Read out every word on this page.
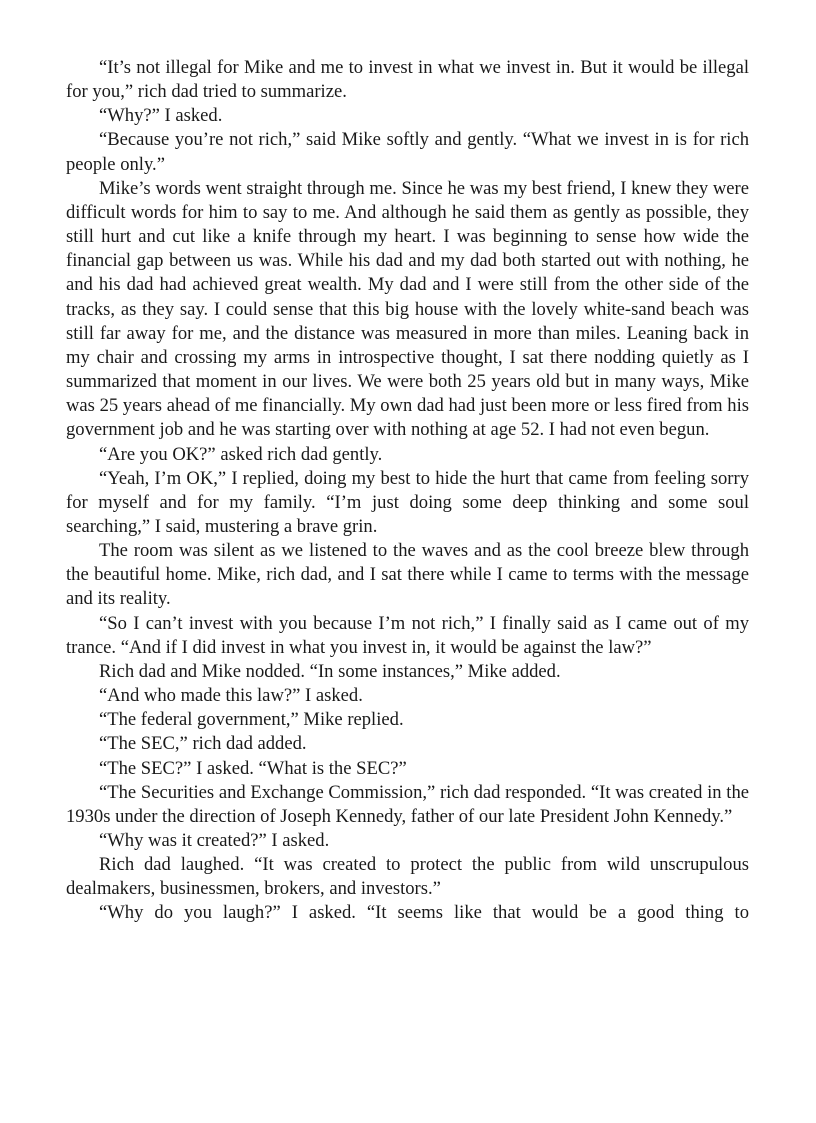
“It’s not illegal for Mike and me to invest in what we invest in. But it would be illegal for you,” rich dad tried to summarize.

“Why?” I asked.

“Because you’re not rich,” said Mike softly and gently. “What we invest in is for rich people only.”

Mike’s words went straight through me. Since he was my best friend, I knew they were difficult words for him to say to me. And although he said them as gently as possible, they still hurt and cut like a knife through my heart. I was beginning to sense how wide the financial gap between us was. While his dad and my dad both started out with nothing, he and his dad had achieved great wealth. My dad and I were still from the other side of the tracks, as they say. I could sense that this big house with the lovely white-sand beach was still far away for me, and the distance was measured in more than miles. Leaning back in my chair and crossing my arms in introspective thought, I sat there nodding quietly as I summarized that moment in our lives. We were both 25 years old but in many ways, Mike was 25 years ahead of me financially. My own dad had just been more or less fired from his government job and he was starting over with nothing at age 52. I had not even begun.

“Are you OK?” asked rich dad gently.

“Yeah, I’m OK,” I replied, doing my best to hide the hurt that came from feeling sorry for myself and for my family. “I’m just doing some deep thinking and some soul searching,” I said, mustering a brave grin.

The room was silent as we listened to the waves and as the cool breeze blew through the beautiful home. Mike, rich dad, and I sat there while I came to terms with the message and its reality.

“So I can’t invest with you because I’m not rich,” I finally said as I came out of my trance. “And if I did invest in what you invest in, it would be against the law?”

Rich dad and Mike nodded. “In some instances,” Mike added.

“And who made this law?” I asked.

“The federal government,” Mike replied.

“The SEC,” rich dad added.

“The SEC?” I asked. “What is the SEC?”

“The Securities and Exchange Commission,” rich dad responded. “It was created in the 1930s under the direction of Joseph Kennedy, father of our late President John Kennedy.”

“Why was it created?” I asked.

Rich dad laughed. “It was created to protect the public from wild unscrupulous dealmakers, businessmen, brokers, and investors.”

“Why do you laugh?” I asked. “It seems like that would be a good thing to
